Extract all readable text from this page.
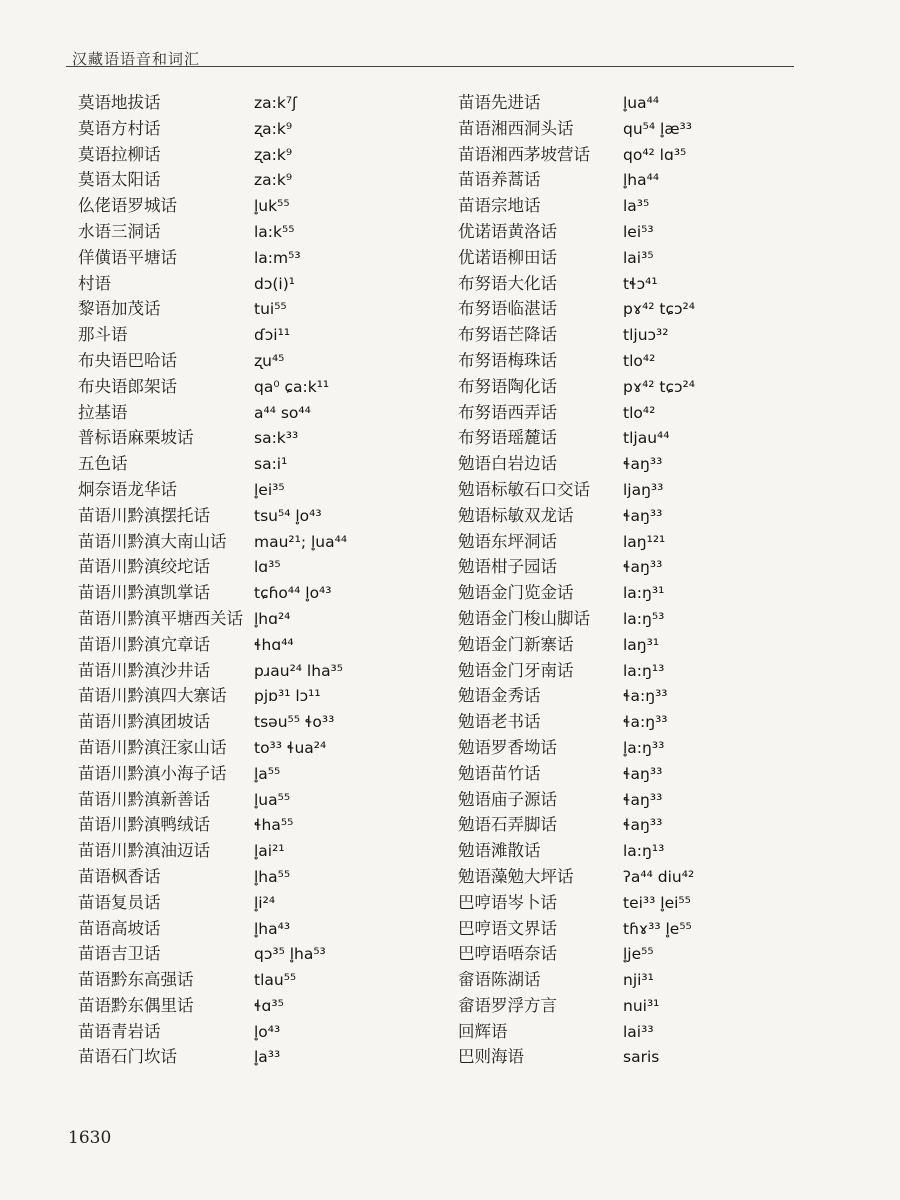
汉藏语语音和词汇
莫语地拔话	za:k⁷ʃ
莫语方村话	ʐa:k⁹
莫语拉柳话	ʐa:k⁹
莫语太阳话	za:k⁹
仫佬语罗城话	l̥uk⁵⁵
水语三洞话	la:k⁵⁵
佯僙语平塘话	la:m⁵³
村语	dɔ(i)¹
黎语加茂话	tui⁵⁵
那斗语	ɗɔi¹¹
布央语巴哈话	ʐu⁴⁵
布央语郎架话	qa⁰ ɕa:k¹¹
拉基语	a⁴⁴ so⁴⁴
普标语麻栗坡话	sa:k³³
五色话	sa:i¹
炯奈语龙华话	l̥ei³⁵
苗语川黔滇摆托话	tsu⁵⁴ l̥o⁴³
苗语川黔滇大南山话	mau²¹; l̥ua⁴⁴
苗语川黔滇绞坨话	lɑ³⁵
苗语川黔滇凯掌话	tɕɦo⁴⁴ l̥o⁴³
苗语川黔滇平塘西关话 l̥hɑ²⁴
苗语川黔滇宂章话	ɬhɑ⁴⁴
苗语川黔滇沙井话	pɹau²⁴ lha³⁵
苗语川黔滇四大寨话	pjɒ³¹ lɔ¹¹
苗语川黔滇团坡话	tsəu⁵⁵ ɬo³³
苗语川黔滇汪家山话	to³³ ɬua²⁴
苗语川黔滇小海子话	l̥a⁵⁵
苗语川黔滇新善话	l̥ua⁵⁵
苗语川黔滇鸭绒话	ɬha⁵⁵
苗语川黔滇油迈话	l̥ai²¹
苗语枫香话	l̥ha⁵⁵
苗语复员话	l̥i²⁴
苗语高坡话	l̥ha⁴³
苗语吉卫话	qɔ³⁵ l̥ha⁵³
苗语黔东高强话	tlau⁵⁵
苗语黔东偶里话	ɬɑ³⁵
苗语青岩话	l̥o⁴³
苗语石门坎话	l̥a³³
苗语先进话	l̥ua⁴⁴
苗语湘西洞头话	qu⁵⁴ l̥æ³³
苗语湘西茅坡营话	qo⁴² lɑ³⁵
苗语养蒿话	l̥ha⁴⁴
苗语宗地话	la³⁵
优诺语黄洛话	lei⁵³
优诺语柳田话	lai³⁵
布努语大化话	tɬɔ⁴¹
布努语临湛话	pɤ⁴² tɕɔ²⁴
布努语芒降话	tljuɔ³²
布努语梅珠话	tlo⁴²
布努语陶化话	pɤ⁴² tɕɔ²⁴
布努语西弄话	tlo⁴²
布努语瑶麓话	tljau⁴⁴
勉语白岩边话	ɬaŋ³³
勉语标敏石口交话	ljaŋ³³
勉语标敏双龙话	ɬaŋ³³
勉语东坪洞话	laŋ¹²¹
勉语柑子园话	ɬaŋ³³
勉语金门览金话	la:ŋ³¹
勉语金门梭山脚话	la:ŋ⁵³
勉语金门新寨话	laŋ³¹
勉语金门牙南话	la:ŋ¹³
勉语金秀话	ɬa:ŋ³³
勉语老书话	ɬa:ŋ³³
勉语罗香坳话	l̥a:ŋ³³
勉语苗竹话	ɬaŋ³³
勉语庙子源话	ɬaŋ³³
勉语石弄脚话	ɬaŋ³³
勉语滩散话	la:ŋ¹³
勉语藻勉大坪话	ʔa⁴⁴ diu⁴²
巴哼语岑卜话	tei³³ l̥ei⁵⁵
巴哼语文界话	tɦɤ³³ l̥e⁵⁵
巴哼语唔奈话	l̥je⁵⁵
畲语陈湖话	nji³¹
畲语罗浮方言	nui³¹
回辉语	lai³³
巴则海语	saris
1630
